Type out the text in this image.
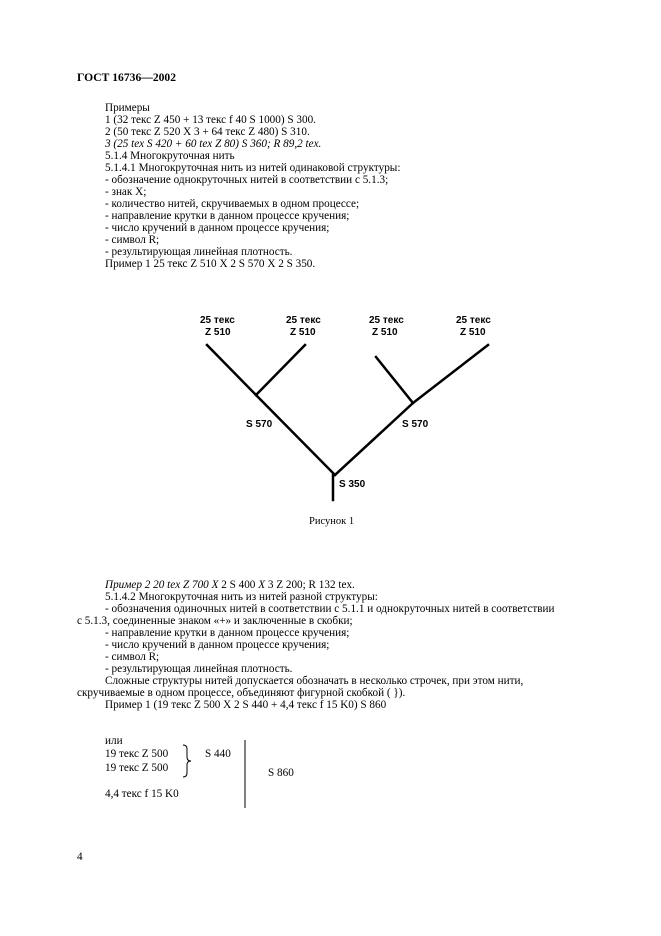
ГОСТ 16736—2002
Примеры
1 (32 текс Z 450 + 13 текс f 40 S 1000) S 300.
2 (50 текс Z 520 X 3 + 64 текс Z 480) S 310.
3 (25 tex S 420 + 60 tex Z 80) S 360; R 89,2 tex.
5.1.4 Многокруточная нить
5.1.4.1 Многокруточная нить из нитей одинаковой структуры:
- обозначение однокруточных нитей в соответствии с 5.1.3;
- знак X;
- количество нитей, скручиваемых в одном процессе;
- направление крутки в данном процессе кручения;
- число кручений в данном процессе кручения;
- символ R;
- результирующая линейная плотность.
Пример 1 25 текс Z 510 X 2 S 570 X 2 S 350.
25 текс
Z 510
25 текс
Z 510
25 текс
Z 510
25 текс
Z 510
S 570	S 570
S 350
Рисунок 1
Пример 2 20 tex Z 700 X 2 S 400 X 3 Z 200; R 132 tex.
5.1.4.2 Многокруточная нить из нитей разной структуры:
- обозначения одиночных нитей в соответствии с 5.1.1 и однокруточных нитей в соответствии
с 5.1.3, соединенные знаком «+» и заключенные в скобки;
- направление крутки в данном процессе кручения;
- число кручений в данном процессе кручения;
- символ R;
- результирующая линейная плотность.
Сложные структуры нитей допускается обозначать в несколько строчек, при этом нити,
скручиваемые в одном процессе, объединяют фигурной скобкой ( }).
Пример 1 (19 текс Z 500 X 2 S 440 + 4,4 текс f 15 K0) S 860
или
19 текс Z 500
19 текс Z 500
S 440
4,4 текс f 15 K0
S 860
4
